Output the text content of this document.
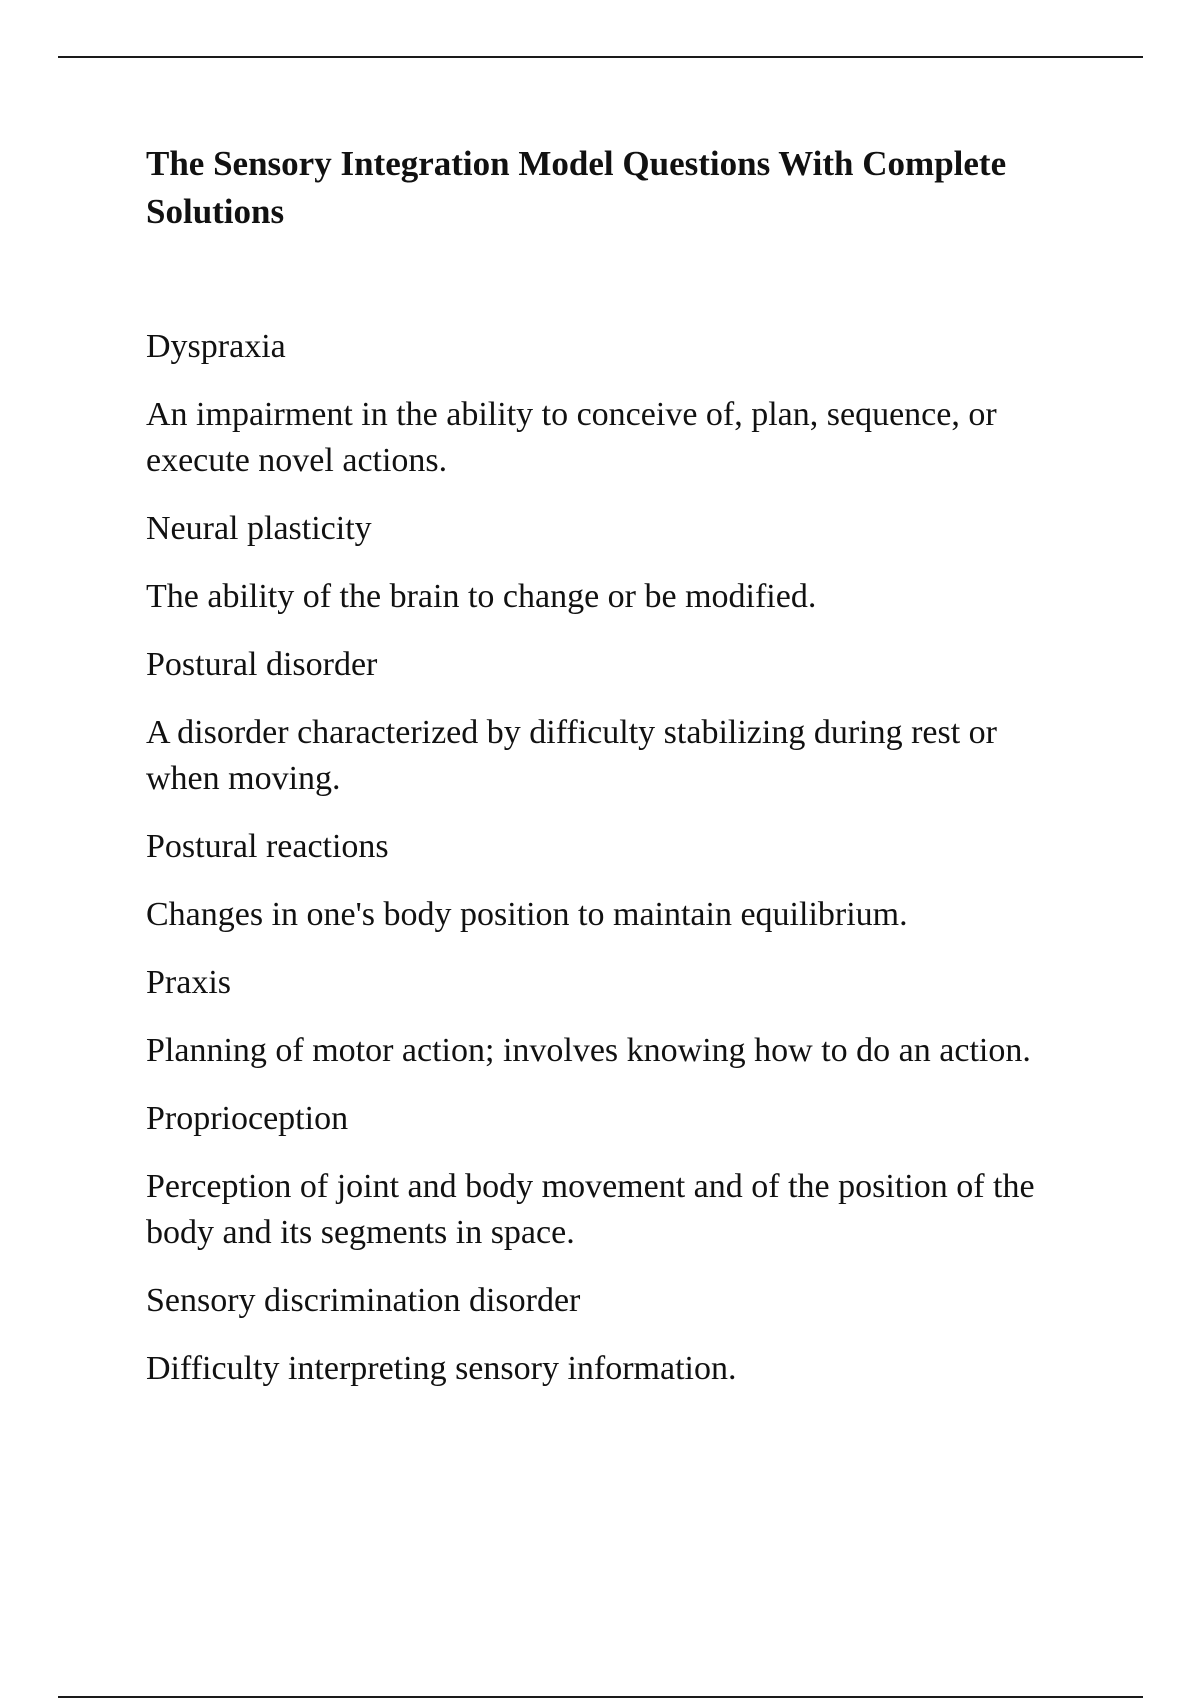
The Sensory Integration Model Questions With Complete Solutions

Dyspraxia

An impairment in the ability to conceive of, plan, sequence, or execute novel actions.

Neural plasticity

The ability of the brain to change or be modified.

Postural disorder

A disorder characterized by difficulty stabilizing during rest or when moving.

Postural reactions

Changes in one's body position to maintain equilibrium.

Praxis

Planning of motor action; involves knowing how to do an action.

Proprioception

Perception of joint and body movement and of the position of the body and its segments in space.

Sensory discrimination disorder

Difficulty interpreting sensory information.
